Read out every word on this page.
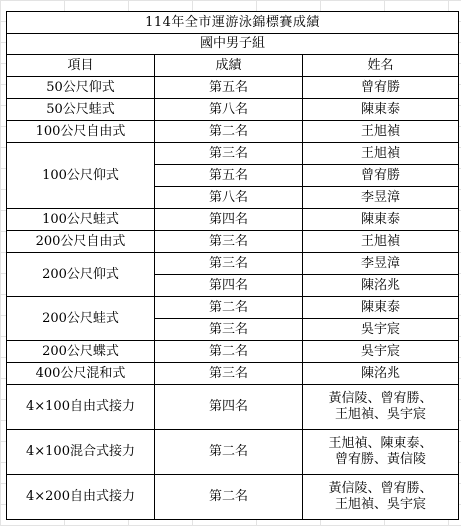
114年全市運游泳錦標賽成績		
國中男子組		
項目	成績	姓名
50公尺仰式	第五名	曾宥勝
50公尺蛙式	第八名	陳東泰
100公尺自由式	第二名	王旭禎
100公尺仰式	第三名	王旭禎
	第五名	曾宥勝
	第八名	李昱漳
100公尺蛙式	第四名	陳東泰
200公尺自由式	第三名	王旭禎
200公尺仰式	第三名	李昱漳
	第四名	陳洺兆
200公尺蛙式	第二名	陳東泰
	第三名	吳宇宸
200公尺蝶式	第二名	吳宇宸
400公尺混和式	第三名	陳洺兆
4×100自由式接力	第四名	黃信陵、曾宥勝、
王旭禎、吳宇宸

4×100混合式接力	第二名	王旭禎、陳東泰、
曾宥勝、黃信陵

4×200自由式接力	第二名	黃信陵、曾宥勝、
王旭禎、吳宇宸
